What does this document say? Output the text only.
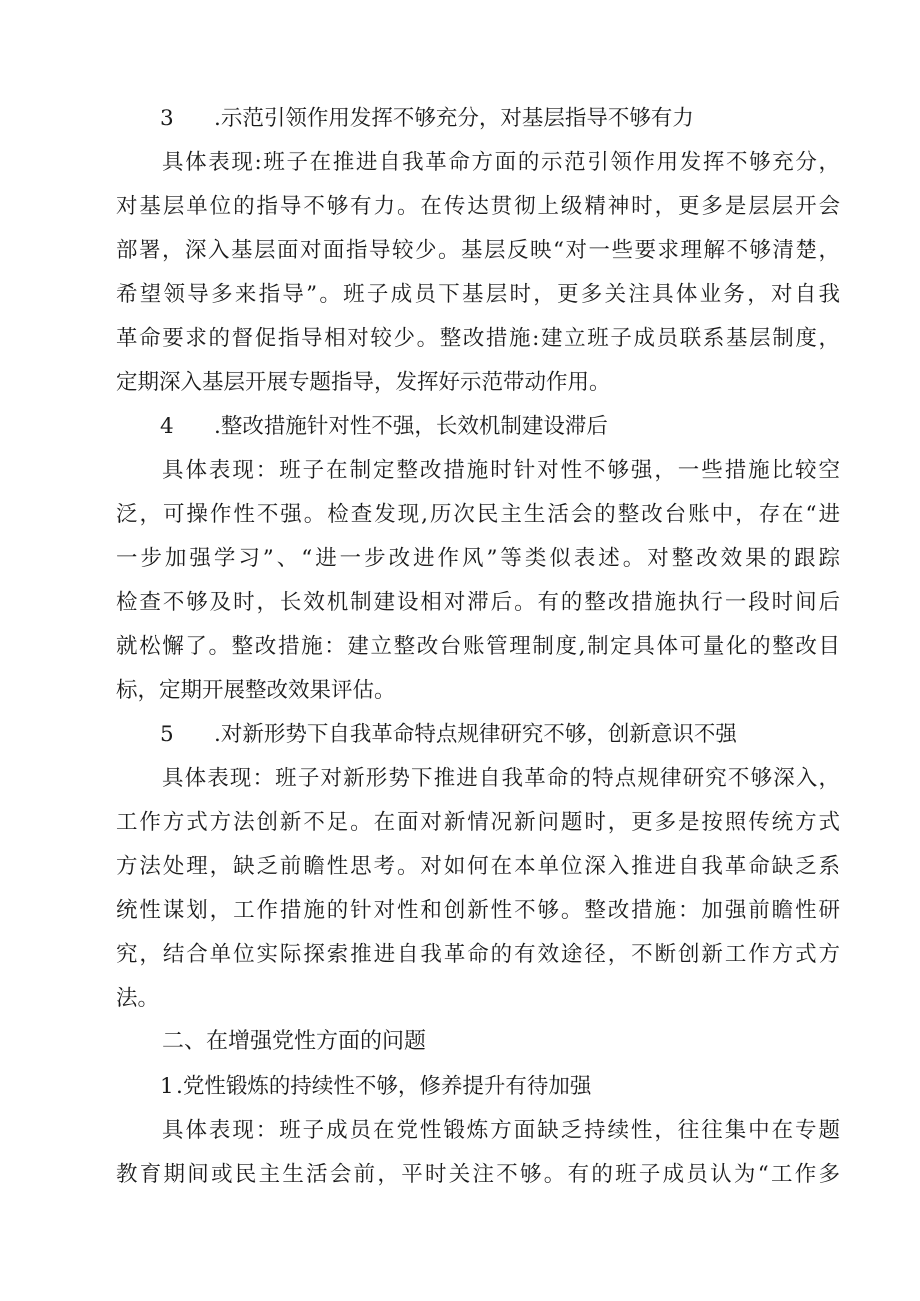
3 .示范引领作用发挥不够充分，对基层指导不够有力
具体表现:班子在推进自我革命方面的示范引领作用发挥不够充分，
对基层单位的指导不够有力。在传达贯彻上级精神时，更多是层层开会
部署，深入基层面对面指导较少。基层反映“对一些要求理解不够清楚，
希望领导多来指导”。班子成员下基层时，更多关注具体业务，对自我
革命要求的督促指导相对较少。整改措施:建立班子成员联系基层制度，
定期深入基层开展专题指导，发挥好示范带动作用。
4 .整改措施针对性不强，长效机制建设滞后
具体表现：班子在制定整改措施时针对性不够强，一些措施比较空
泛，可操作性不强。检查发现,历次民主生活会的整改台账中，存在“进
一步加强学习”、“进一步改进作风”等类似表述。对整改效果的跟踪
检查不够及时，长效机制建设相对滞后。有的整改措施执行一段时间后
就松懈了。整改措施：建立整改台账管理制度,制定具体可量化的整改目
标，定期开展整改效果评估。
5 .对新形势下自我革命特点规律研究不够，创新意识不强
具体表现：班子对新形势下推进自我革命的特点规律研究不够深入，
工作方式方法创新不足。在面对新情况新问题时，更多是按照传统方式
方法处理，缺乏前瞻性思考。对如何在本单位深入推进自我革命缺乏系
统性谋划，工作措施的针对性和创新性不够。整改措施：加强前瞻性研
究，结合单位实际探索推进自我革命的有效途径，不断创新工作方式方
法。
二、在增强党性方面的问题
1 .党性锻炼的持续性不够，修养提升有待加强
具体表现：班子成员在党性锻炼方面缺乏持续性，往往集中在专题
教育期间或民主生活会前，平时关注不够。有的班子成员认为“工作多
